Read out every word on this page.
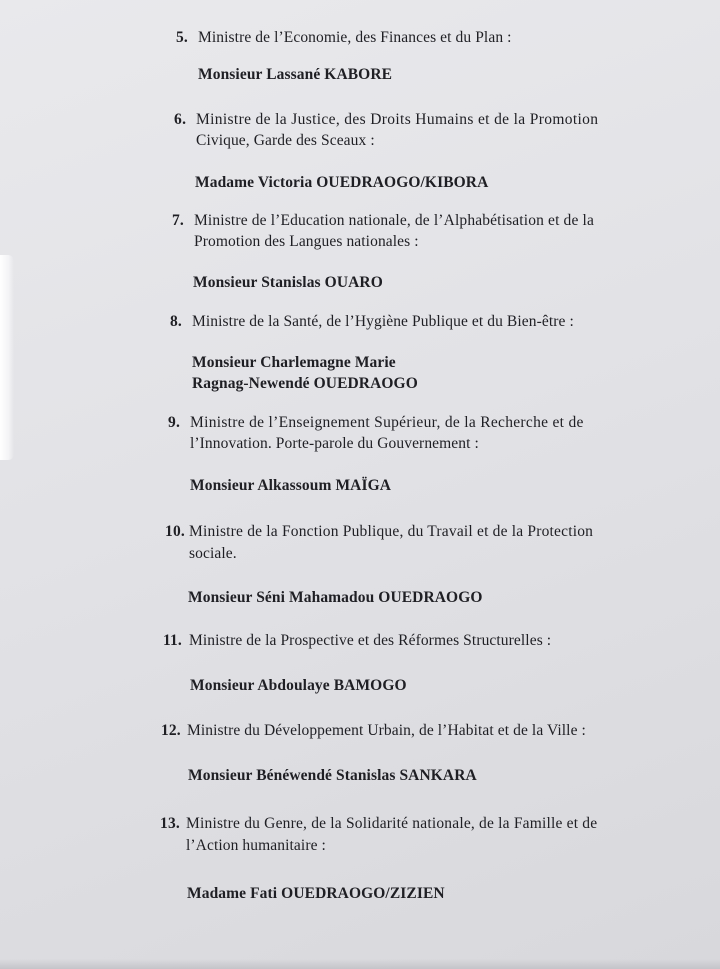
5. Ministre de l’Economie, des Finances et du Plan :
Monsieur Lassané KABORE
6. Ministre de la Justice, des Droits Humains et de la Promotion
Civique, Garde des Sceaux :
Madame Victoria OUEDRAOGO/KIBORA
7. Ministre de l’Education nationale, de l’Alphabétisation et de la
Promotion des Langues nationales :
Monsieur Stanislas OUARO
8. Ministre de la Santé, de l’Hygiène Publique et du Bien-être :
Monsieur Charlemagne Marie
Ragnag-Newendé OUEDRAOGO
9. Ministre de l’Enseignement Supérieur, de la Recherche et de
l’Innovation. Porte-parole du Gouvernement :
Monsieur Alkassoum MAÏGA
10. Ministre de la Fonction Publique, du Travail et de la Protection
sociale.
Monsieur Séni Mahamadou OUEDRAOGO
11. Ministre de la Prospective et des Réformes Structurelles :
Monsieur Abdoulaye BAMOGO
12. Ministre du Développement Urbain, de l’Habitat et de la Ville :
Monsieur Bénéwendé Stanislas SANKARA
13. Ministre du Genre, de la Solidarité nationale, de la Famille et de
l’Action humanitaire :
Madame Fati OUEDRAOGO/ZIZIEN
